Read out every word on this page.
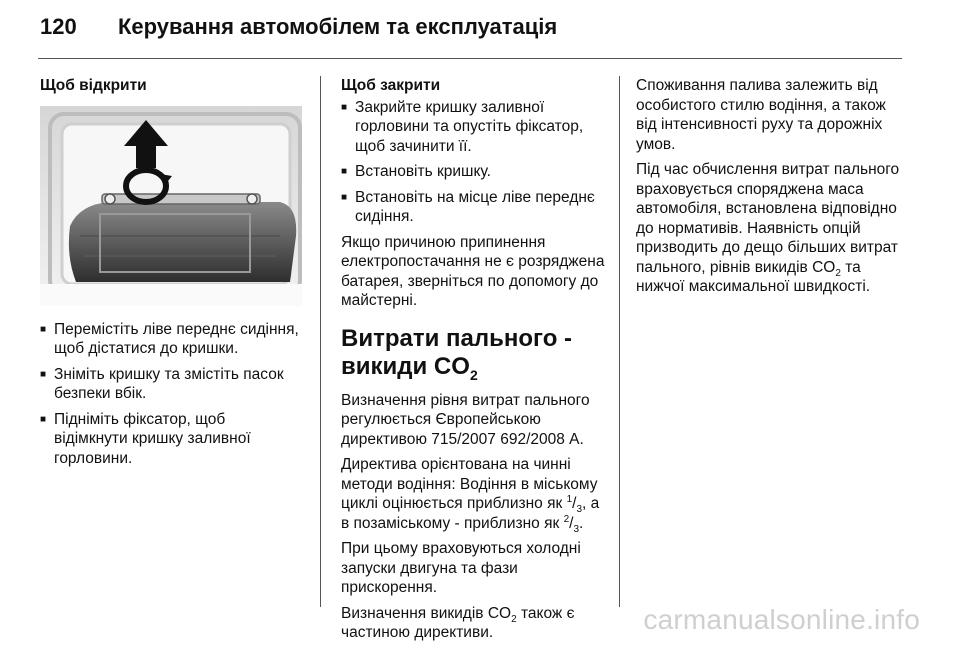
120	Керування автомобілем та експлуатація
Щоб відкрити
■ Перемістіть ліве переднє сидіння, щоб дістатися до кришки.
■ Зніміть кришку та змістіть пасок безпеки вбік.
■ Підніміть фіксатор, щоб відімкнути кришку заливної горловини.
Щоб закрити
■ Закрийте кришку заливної горловини та опустіть фіксатор, щоб зачинити її.
■ Встановіть кришку.
■ Встановіть на місце ліве переднє сидіння.

Якщо причиною припинення електропостачання не є розряджена батарея, зверніться по допомогу до майстерні.

Витрати пального -
викиди $CO_2$

Визначення рівня витрат пального регулюється Європейською директивою 715/2007 692/2008 A.

Директива орієнтована на чинні методи водіння: Водіння в міському циклі оцінюється приблизно як $^1/_3$, а в позаміському - приблизно як $^2/_3$.

При цьому враховуються холодні запуски двигуна та фази прискорення.

Визначення викидів $CO_2$ також є частиною директиви.

Споживання палива залежить від особистого стилю водіння, а також від інтенсивності руху та дорожніх умов.

Під час обчислення витрат пального враховується споряджена маса автомобіля, встановлена відповідно до нормативів. Наявність опцій призводить до дещо більших витрат пального, рівнів викидів $CO_2$ та нижчої максимальної швидкості.

carmanualsonline.info
